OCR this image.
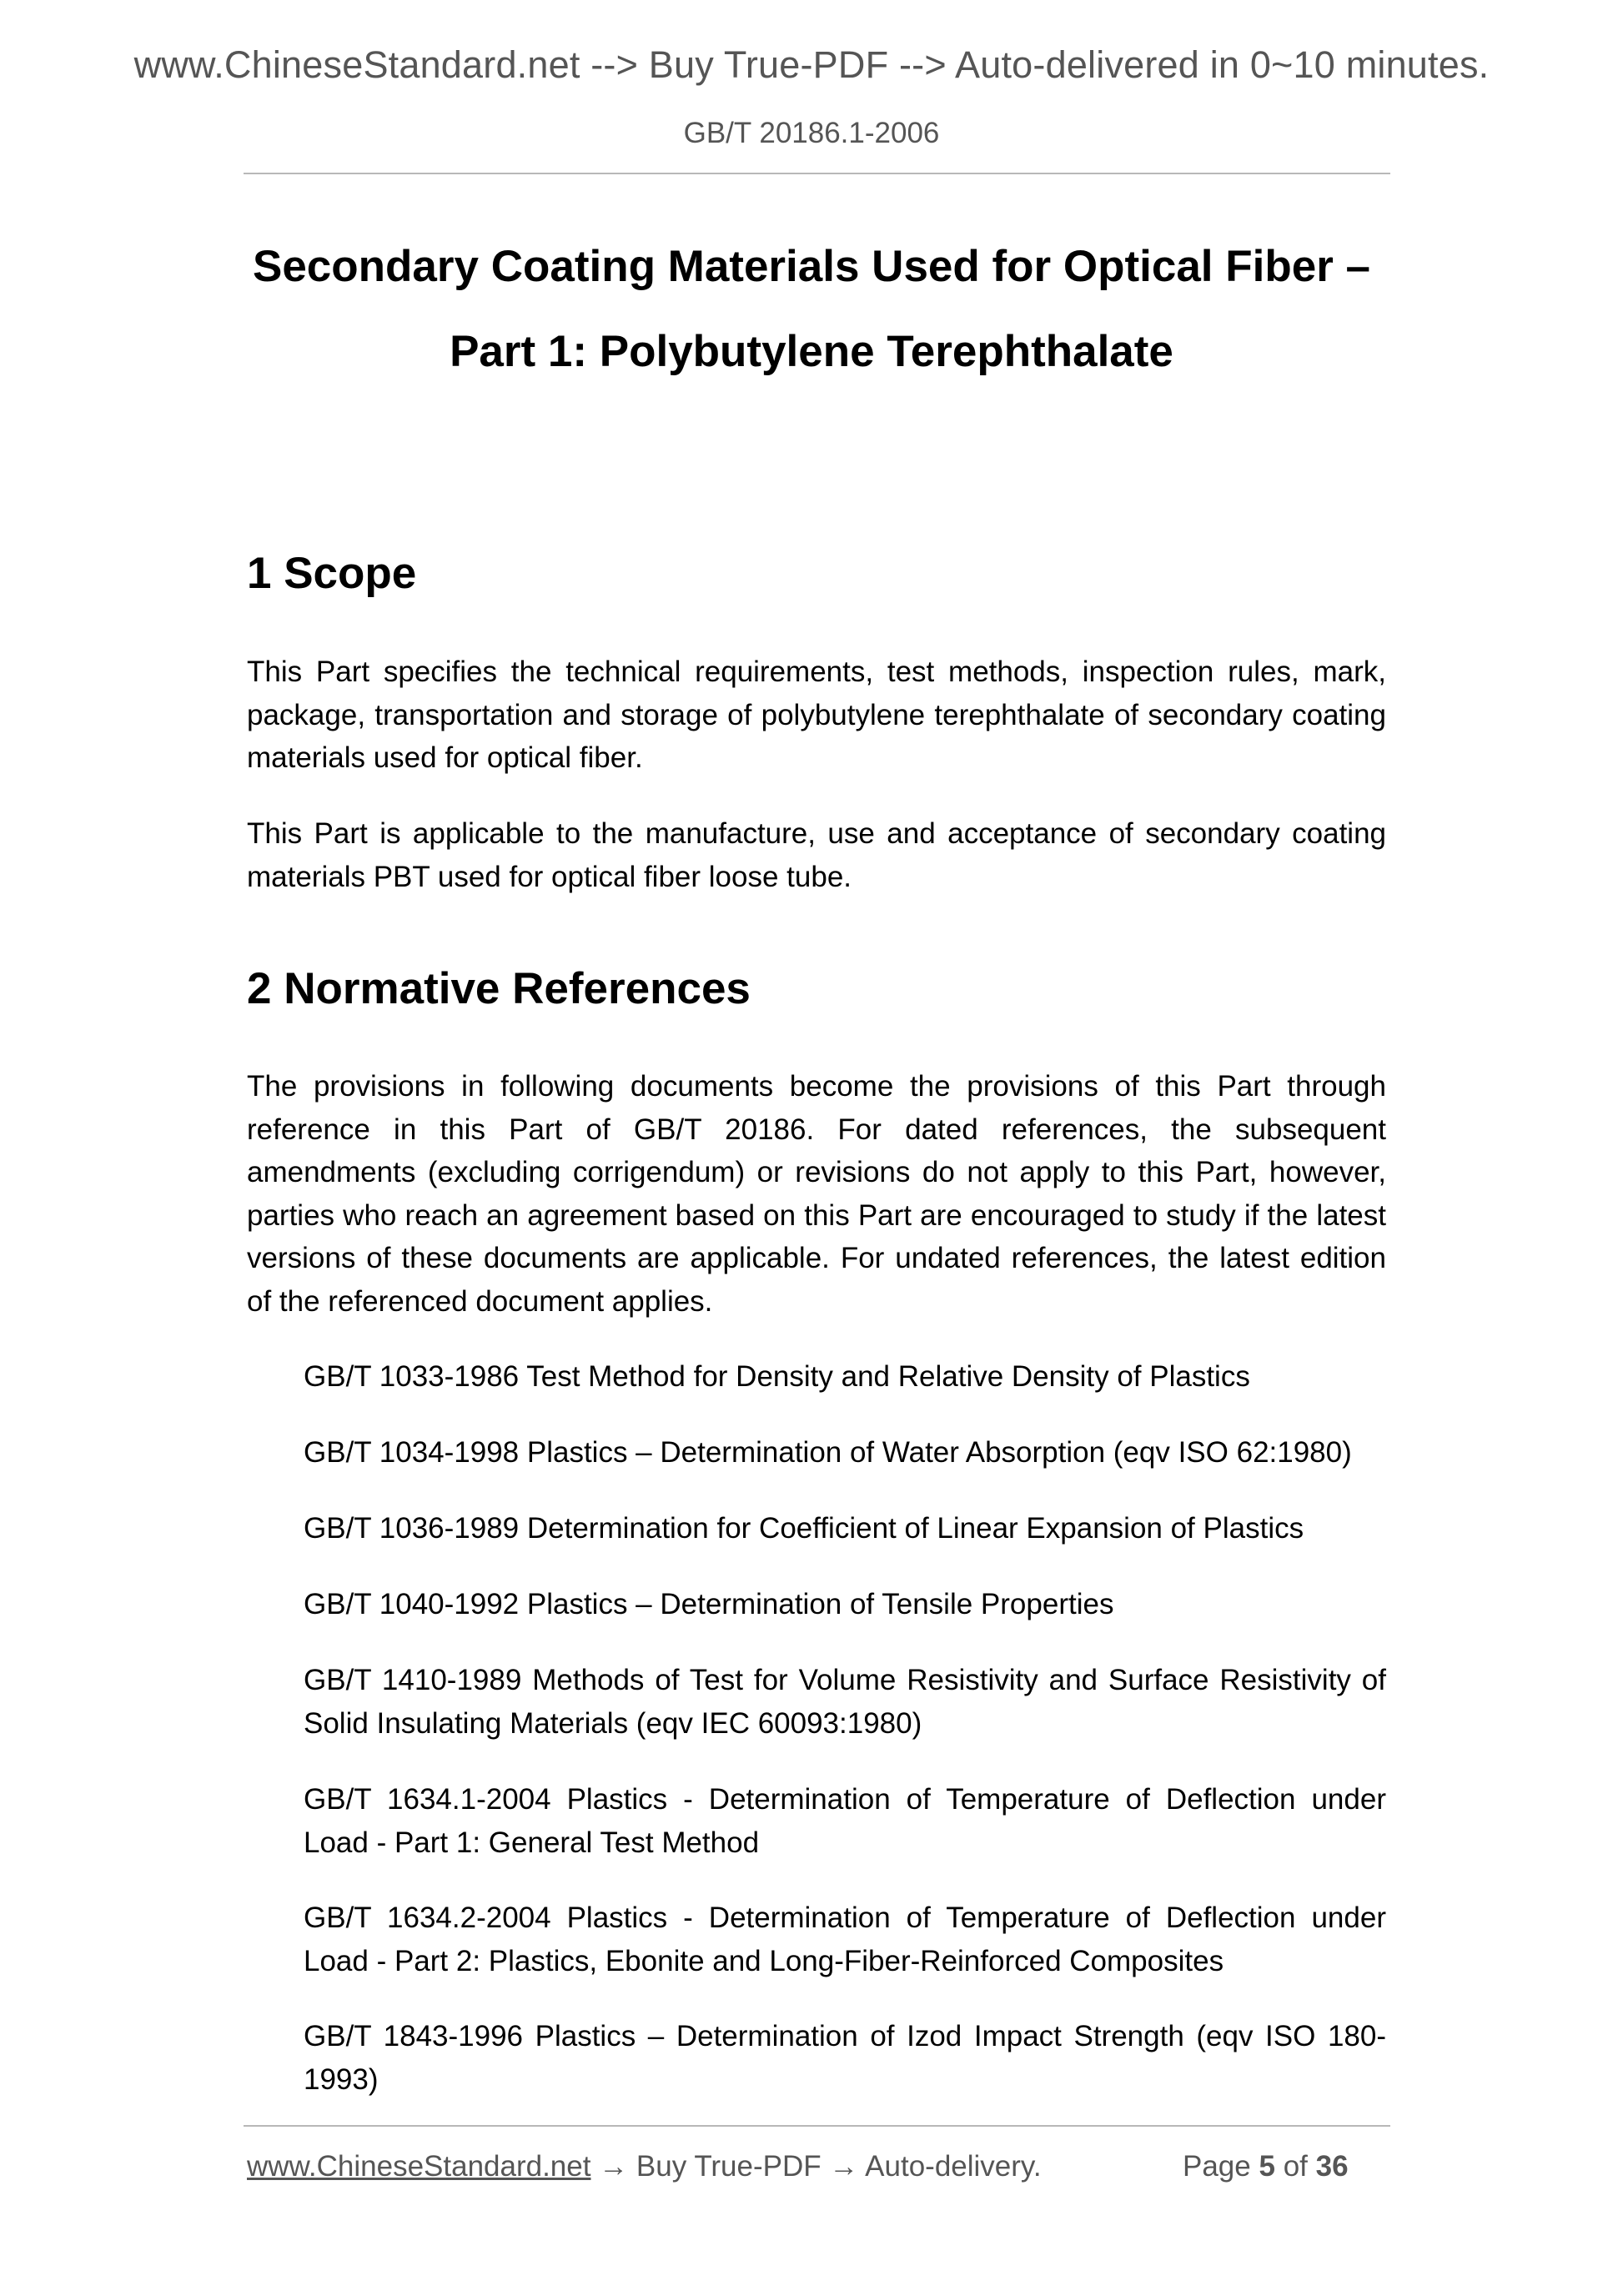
www.ChineseStandard.net --> Buy True-PDF --> Auto-delivered in 0~10 minutes.
GB/T 20186.1-2006
Secondary Coating Materials Used for Optical Fiber –
Part 1: Polybutylene Terephthalate
1 Scope
This Part specifies the technical requirements, test methods, inspection rules, mark, package, transportation and storage of polybutylene terephthalate of secondary coating materials used for optical fiber.
This Part is applicable to the manufacture, use and acceptance of secondary coating materials PBT used for optical fiber loose tube.
2 Normative References
The provisions in following documents become the provisions of this Part through reference in this Part of GB/T 20186. For dated references, the subsequent amendments (excluding corrigendum) or revisions do not apply to this Part, however, parties who reach an agreement based on this Part are encouraged to study if the latest versions of these documents are applicable. For undated references, the latest edition of the referenced document applies.
GB/T 1033-1986 Test Method for Density and Relative Density of Plastics
GB/T 1034-1998 Plastics – Determination of Water Absorption (eqv ISO 62:1980)
GB/T 1036-1989 Determination for Coefficient of Linear Expansion of Plastics
GB/T 1040-1992 Plastics – Determination of Tensile Properties
GB/T 1410-1989 Methods of Test for Volume Resistivity and Surface Resistivity of Solid Insulating Materials (eqv IEC 60093:1980)
GB/T 1634.1-2004 Plastics - Determination of Temperature of Deflection under Load - Part 1: General Test Method
GB/T 1634.2-2004 Plastics - Determination of Temperature of Deflection under Load - Part 2: Plastics, Ebonite and Long-Fiber-Reinforced Composites
GB/T 1843-1996 Plastics – Determination of Izod Impact Strength (eqv ISO 180-1993)
www.ChineseStandard.net → Buy True-PDF → Auto-delivery.	Page 5 of 36
